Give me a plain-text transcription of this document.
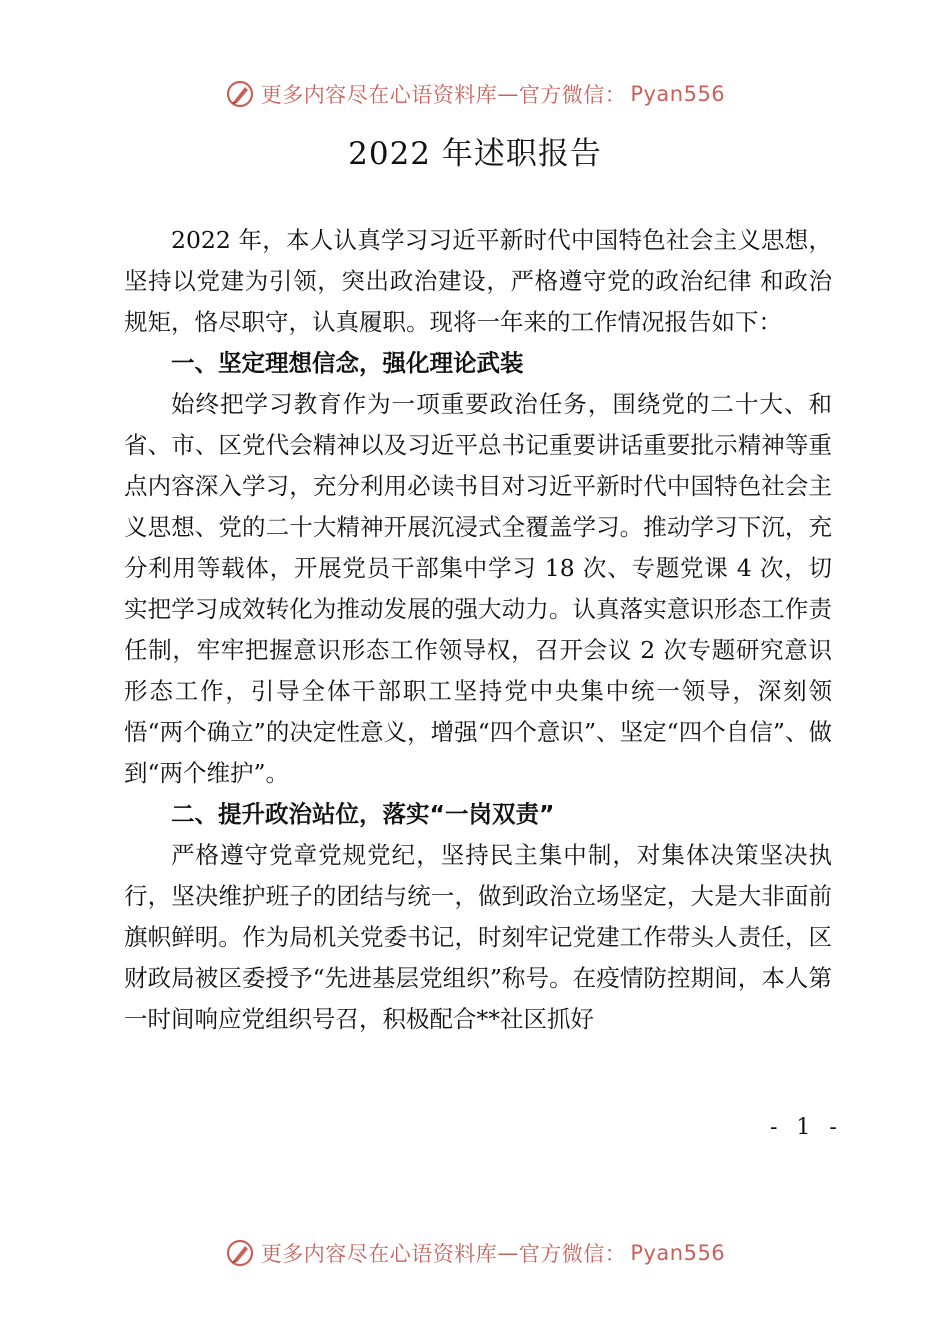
更多内容尽在心语资料库 — 官方微信： Pyan556
2022 年述职报告

2022 年，本人认真学习习近平新时代中国特色社会主义思想，坚持以党建为引领，突出政治建设，严格遵守党的政治纪律 和政治规矩，恪尽职守，认真履职。现将一年来的工作情况报告如下：

一、坚定理想信念，强化理论武装

始终把学习教育作为一项重要政治任务，围绕党的二十大、和省、市、区党代会精神以及习近平总书记重要讲话重要批示精神等重点内容深入学习，充分利用必读书目对习近平新时代中国特色社会主义思想、党的二十大精神开展沉浸式全覆盖学习。推动学习下沉，充分利用等载体，开展党员干部集中学习 18 次、专题党课 4 次，切实把学习成效转化为推动发展的强大动力。认真落实意识形态工作责任制，牢牢把握意识形态工作领导权，召开会议 2 次专题研究意识形态工作，引导全体干部职工坚持党中央集中统一领导，深刻领悟“两个确立”的决定性意义，增强“四个意识”、坚定“四个自信”、做到“两个维护”。

二、提升政治站位，落实“一岗双责”

严格遵守党章党规党纪，坚持民主集中制，对集体决策坚决执行，坚决维护班子的团结与统一，做到政治立场坚定，大是大非面前旗帜鲜明。作为局机关党委书记，时刻牢记党建工作带头人责任，区财政局被区委授予“先进基层党组织”称号。在疫情防控期间，本人第一时间响应党组织号召，积极配合**社区抓好

- 1 -
更多内容尽在心语资料库 — 官方微信： Pyan556
